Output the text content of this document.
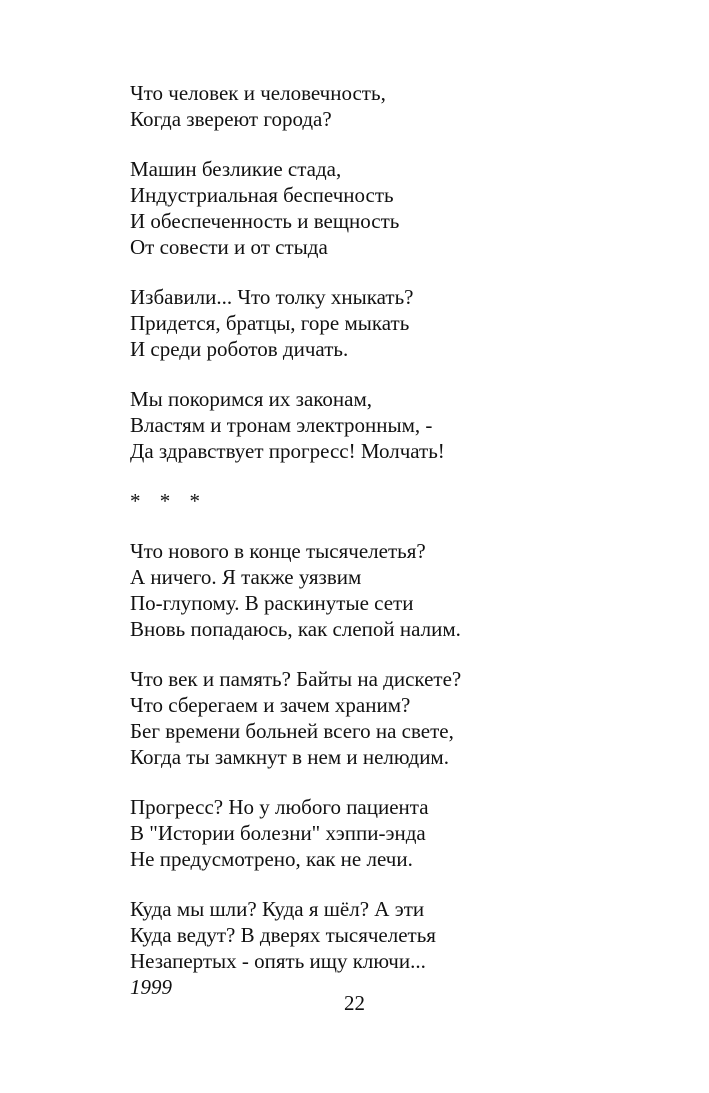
Что человек и человечность,
Когда звереют города?
Машин безликие стада,
Индустриальная беспечность
И обеспеченность и вещность
От совести и от стыда
Избавили... Что толку хныкать?
Придется, братцы, горе мыкать
И среди роботов дичать.
Мы покоримся их законам,
Властям и тронам электронным, -
Да здравствует прогресс! Молчать!
* * *
Что нового в конце тысячелетья?
А ничего. Я также уязвим
По-глупому. В раскинутые сети
Вновь попадаюсь, как слепой налим.
Что век и память? Байты на дискете?
Что сберегаем и зачем храним?
Бег времени больней всего на свете,
Когда ты замкнут в нем и нелюдим.
Прогресс? Но у любого пациента
В "Истории болезни" хэппи-энда
Не предусмотрено, как не лечи.
Куда мы шли? Куда я шёл? А эти
Куда ведут? В дверях тысячелетья
Незапертых - опять ищу ключи...
1999
22
